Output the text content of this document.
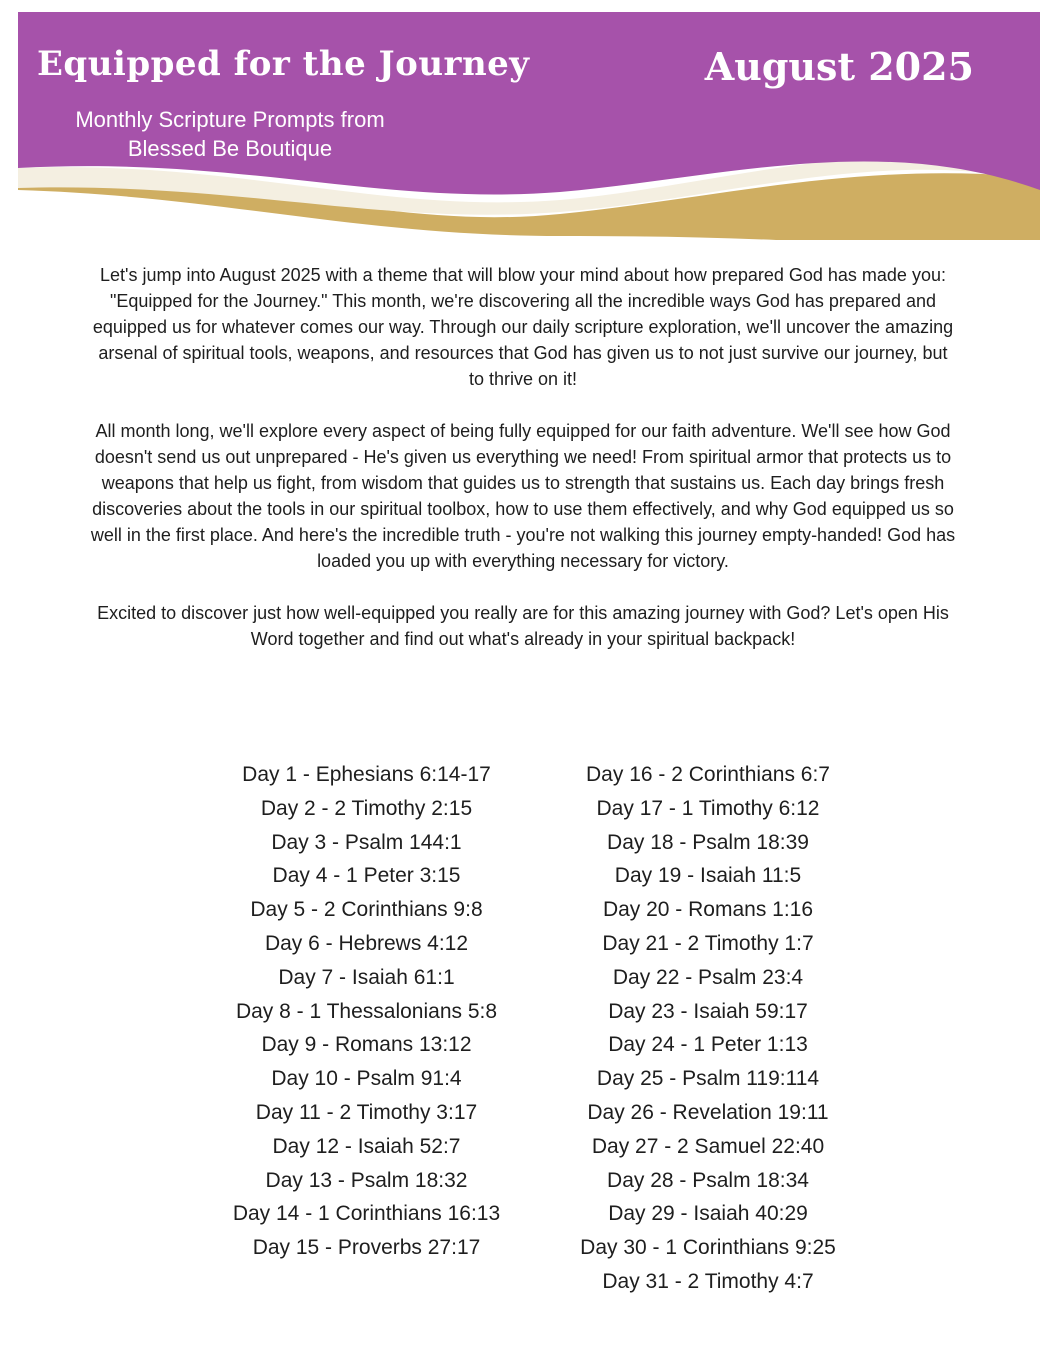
Equipped for the Journey	August 2025
Monthly Scripture Prompts from
Blessed Be Boutique

Let's jump into August 2025 with a theme that will blow your mind about how prepared God has made you: "Equipped for the Journey." This month, we're discovering all the incredible ways God has prepared and equipped us for whatever comes our way. Through our daily scripture exploration, we'll uncover the amazing arsenal of spiritual tools, weapons, and resources that God has given us to not just survive our journey, but to thrive on it!

All month long, we'll explore every aspect of being fully equipped for our faith adventure. We'll see how God doesn't send us out unprepared - He's given us everything we need! From spiritual armor that protects us to weapons that help us fight, from wisdom that guides us to strength that sustains us. Each day brings fresh discoveries about the tools in our spiritual toolbox, how to use them effectively, and why God equipped us so well in the first place. And here's the incredible truth - you're not walking this journey empty-handed! God has loaded you up with everything necessary for victory.

Excited to discover just how well-equipped you really are for this amazing journey with God? Let's open His Word together and find out what's already in your spiritual backpack!

Day 1 - Ephesians 6:14-17
Day 2 - 2 Timothy 2:15
Day 3 - Psalm 144:1
Day 4 - 1 Peter 3:15
Day 5 - 2 Corinthians 9:8
Day 6 - Hebrews 4:12
Day 7 - Isaiah 61:1
Day 8 - 1 Thessalonians 5:8
Day 9 - Romans 13:12
Day 10 - Psalm 91:4
Day 11 - 2 Timothy 3:17
Day 12 - Isaiah 52:7
Day 13 - Psalm 18:32
Day 14 - 1 Corinthians 16:13
Day 15 - Proverbs 27:17
Day 16 - 2 Corinthians 6:7
Day 17 - 1 Timothy 6:12
Day 18 - Psalm 18:39
Day 19 - Isaiah 11:5
Day 20 - Romans 1:16
Day 21 - 2 Timothy 1:7
Day 22 - Psalm 23:4
Day 23 - Isaiah 59:17
Day 24 - 1 Peter 1:13
Day 25 - Psalm 119:114
Day 26 - Revelation 19:11
Day 27 - 2 Samuel 22:40
Day 28 - Psalm 18:34
Day 29 - Isaiah 40:29
Day 30 - 1 Corinthians 9:25
Day 31 - 2 Timothy 4:7
